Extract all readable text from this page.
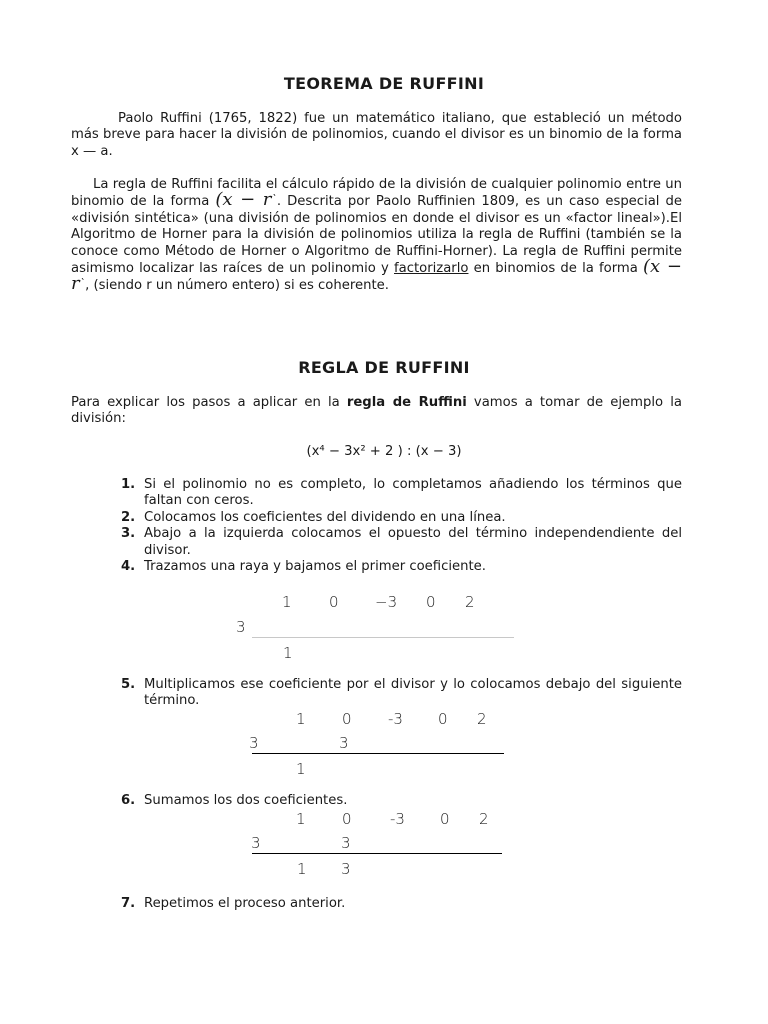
TEOREMA DE RUFFINI

Paolo Ruffini (1765, 1822) fue un matemático italiano, que estableció un método más breve para hacer la división de polinomios, cuando el divisor es un binomio de la forma x — a.

La regla de Ruffini facilita el cálculo rápido de la división de cualquier polinomio entre un binomio de la forma (x − r`. Descrita por Paolo Ruffinien 1809, es un caso especial de «división sintética» (una división de polinomios en donde el divisor es un «factor lineal»).El Algoritmo de Horner para la división de polinomios utiliza la regla de Ruffini (también se la conoce como Método de Horner o Algoritmo de Ruffini-Horner). La regla de Ruffini permite asimismo localizar las raíces de un polinomio y factorizarlo en binomios de la forma (x − r`, (siendo r un número entero) si es coherente.

REGLA DE RUFFINI

Para explicar los pasos a aplicar en la regla de Ruffini vamos a tomar de ejemplo la división:

(x⁴ − 3x² + 2 ) : (x − 3)
1. Si el polinomio no es completo, lo completamos añadiendo los términos que faltan con ceros.
2. Colocamos los coeficientes del dividendo en una línea.
3. Abajo a la izquierda colocamos el opuesto del término independendiente del divisor.
4. Trazamos una raya y bajamos el primer coeficiente.
1 0 −3 0 2
3
1
5. Multiplicamos ese coeficiente por el divisor y lo colocamos debajo del siguiente término.
1 0 -3 0 2
3	3
1
6. Sumamos los dos coeficientes.
1 0	-3 0 2
3	3
1 3
7. Repetimos el proceso anterior.
